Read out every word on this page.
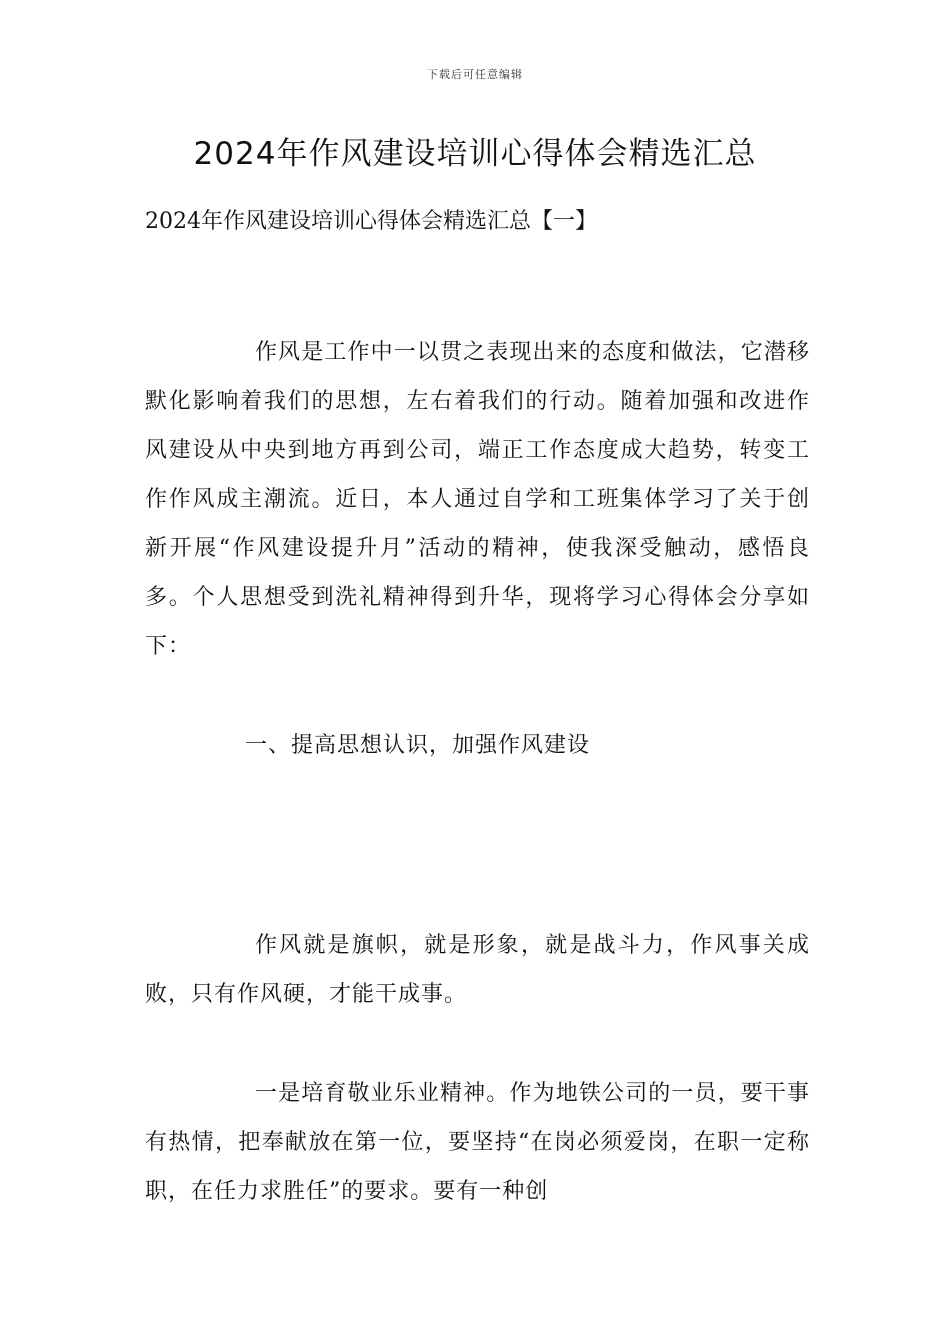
下载后可任意编辑
2024年作风建设培训心得体会精选汇总
2024年作风建设培训心得体会精选汇总【一】

作风是工作中一以贯之表现出来的态度和做法，它潜移默化影响着我们的思想，左右着我们的行动。随着加强和改进作风建设从中央到地方再到公司，端正工作态度成大趋势，转变工作作风成主潮流。近日，本人通过自学和工班集体学习了关于创新开展“作风建设提升月”活动的精神，使我深受触动，感悟良多。个人思想受到洗礼精神得到升华，现将学习心得体会分享如下：

一、提高思想认识，加强作风建设

作风就是旗帜，就是形象，就是战斗力，作风事关成败，只有作风硬，才能干成事。

一是培育敬业乐业精神。作为地铁公司的一员，要干事有热情，把奉献放在第一位，要坚持“在岗必须爱岗，在职一定称职，在任力求胜任”的要求。要有一种创
